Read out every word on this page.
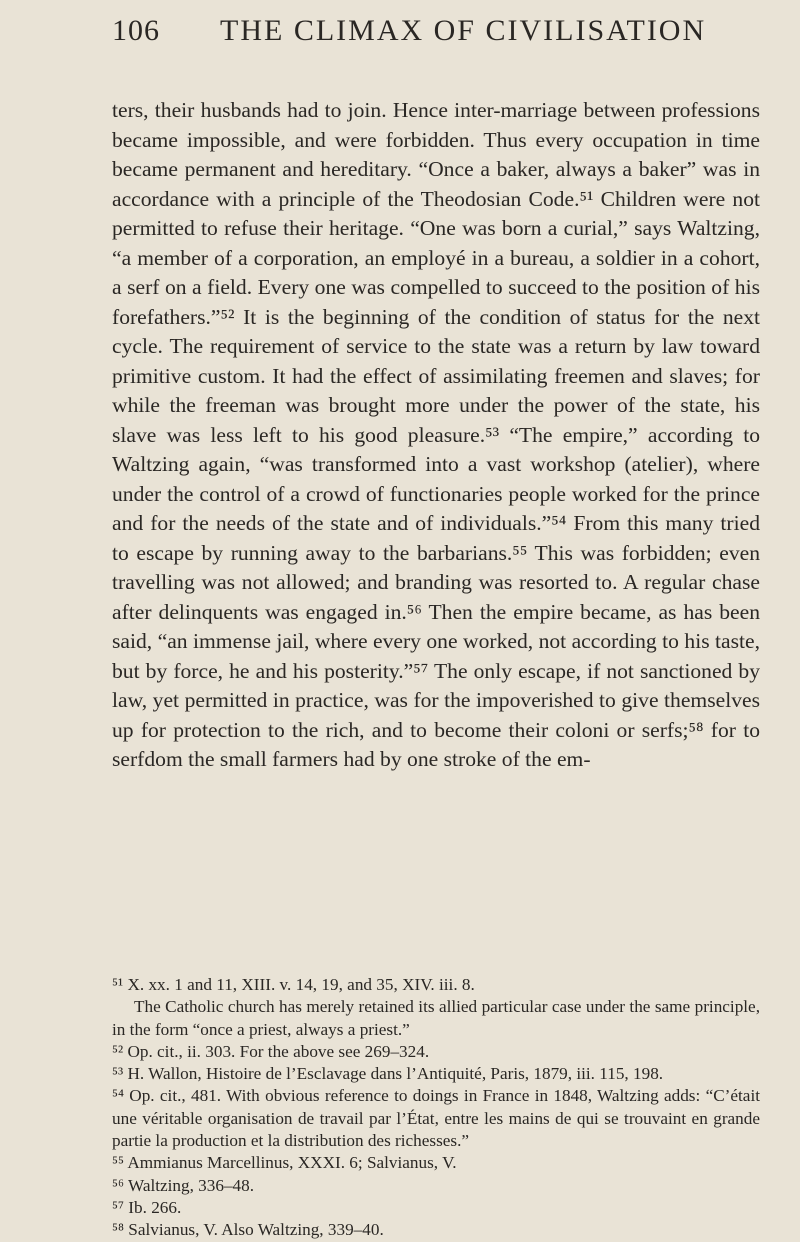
106 THE CLIMAX OF CIVILISATION

ters, their husbands had to join. Hence inter-marriage between professions became impossible, and were forbidden. Thus every occupation in time became permanent and hereditary. “Once a baker, always a baker” was in accordance with a principle of the Theodosian Code.⁵¹ Children were not permitted to refuse their heritage. “One was born a curial,” says Waltzing, “a member of a corporation, an employé in a bureau, a soldier in a cohort, a serf on a field. Every one was compelled to succeed to the position of his forefathers.”⁵² It is the beginning of the condition of status for the next cycle. The requirement of service to the state was a return by law toward primitive custom. It had the effect of assimilating freemen and slaves; for while the freeman was brought more under the power of the state, his slave was less left to his good pleasure.⁵³ “The empire,” according to Waltzing again, “was transformed into a vast workshop (atelier), where under the control of a crowd of functionaries people worked for the prince and for the needs of the state and of individuals.”⁵⁴ From this many tried to escape by running away to the barbarians.⁵⁵ This was forbidden; even travelling was not allowed; and branding was resorted to. A regular chase after delinquents was engaged in.⁵⁶ Then the empire became, as has been said, “an immense jail, where every one worked, not according to his taste, but by force, he and his posterity.”⁵⁷ The only escape, if not sanctioned by law, yet permitted in practice, was for the impoverished to give themselves up for protection to the rich, and to become their coloni or serfs;⁵⁸ for to serfdom the small farmers had by one stroke of the em-

⁵¹ X. xx. 1 and 11, XIII. v. 14, 19, and 35, XIV. iii. 8.

The Catholic church has merely retained its allied particular case under the same principle, in the form “once a priest, always a priest.”

⁵² Op. cit., ii. 303. For the above see 269–324.

⁵³ H. Wallon, Histoire de l’Esclavage dans l’Antiquité, Paris, 1879, iii. 115, 198.

⁵⁴ Op. cit., 481. With obvious reference to doings in France in 1848, Waltzing adds: “C’était une véritable organisation de travail par l’État, entre les mains de qui se trouvaint en grande partie la production et la distribution des richesses.”

⁵⁵ Ammianus Marcellinus, XXXI. 6; Salvianus, V.

⁵⁶ Waltzing, 336–48.

⁵⁷ Ib. 266.

⁵⁸ Salvianus, V. Also Waltzing, 339–40.
